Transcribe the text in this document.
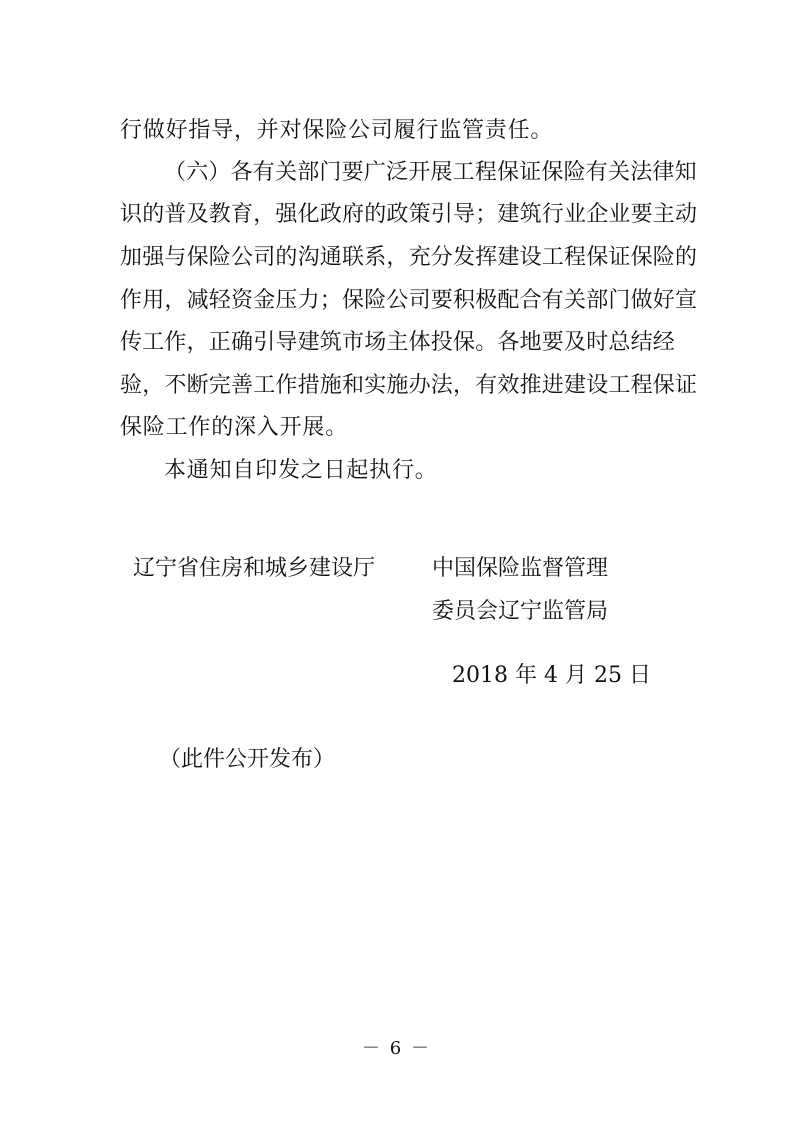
行做好指导，并对保险公司履行监管责任。
（六）各有关部门要广泛开展工程保证保险有关法律知
识的普及教育，强化政府的政策引导；建筑行业企业要主动
加强与保险公司的沟通联系，充分发挥建设工程保证保险的
作用，减轻资金压力；保险公司要积极配合有关部门做好宣
传工作，正确引导建筑市场主体投保。各地要及时总结经
验，不断完善工作措施和实施办法，有效推进建设工程保证
保险工作的深入开展。
本通知自印发之日起执行。
辽宁省住房和城乡建设厅	中国保险监督管理
委员会辽宁监管局
2018 年 4 月 25 日
（此件公开发布）
－ 6 －
